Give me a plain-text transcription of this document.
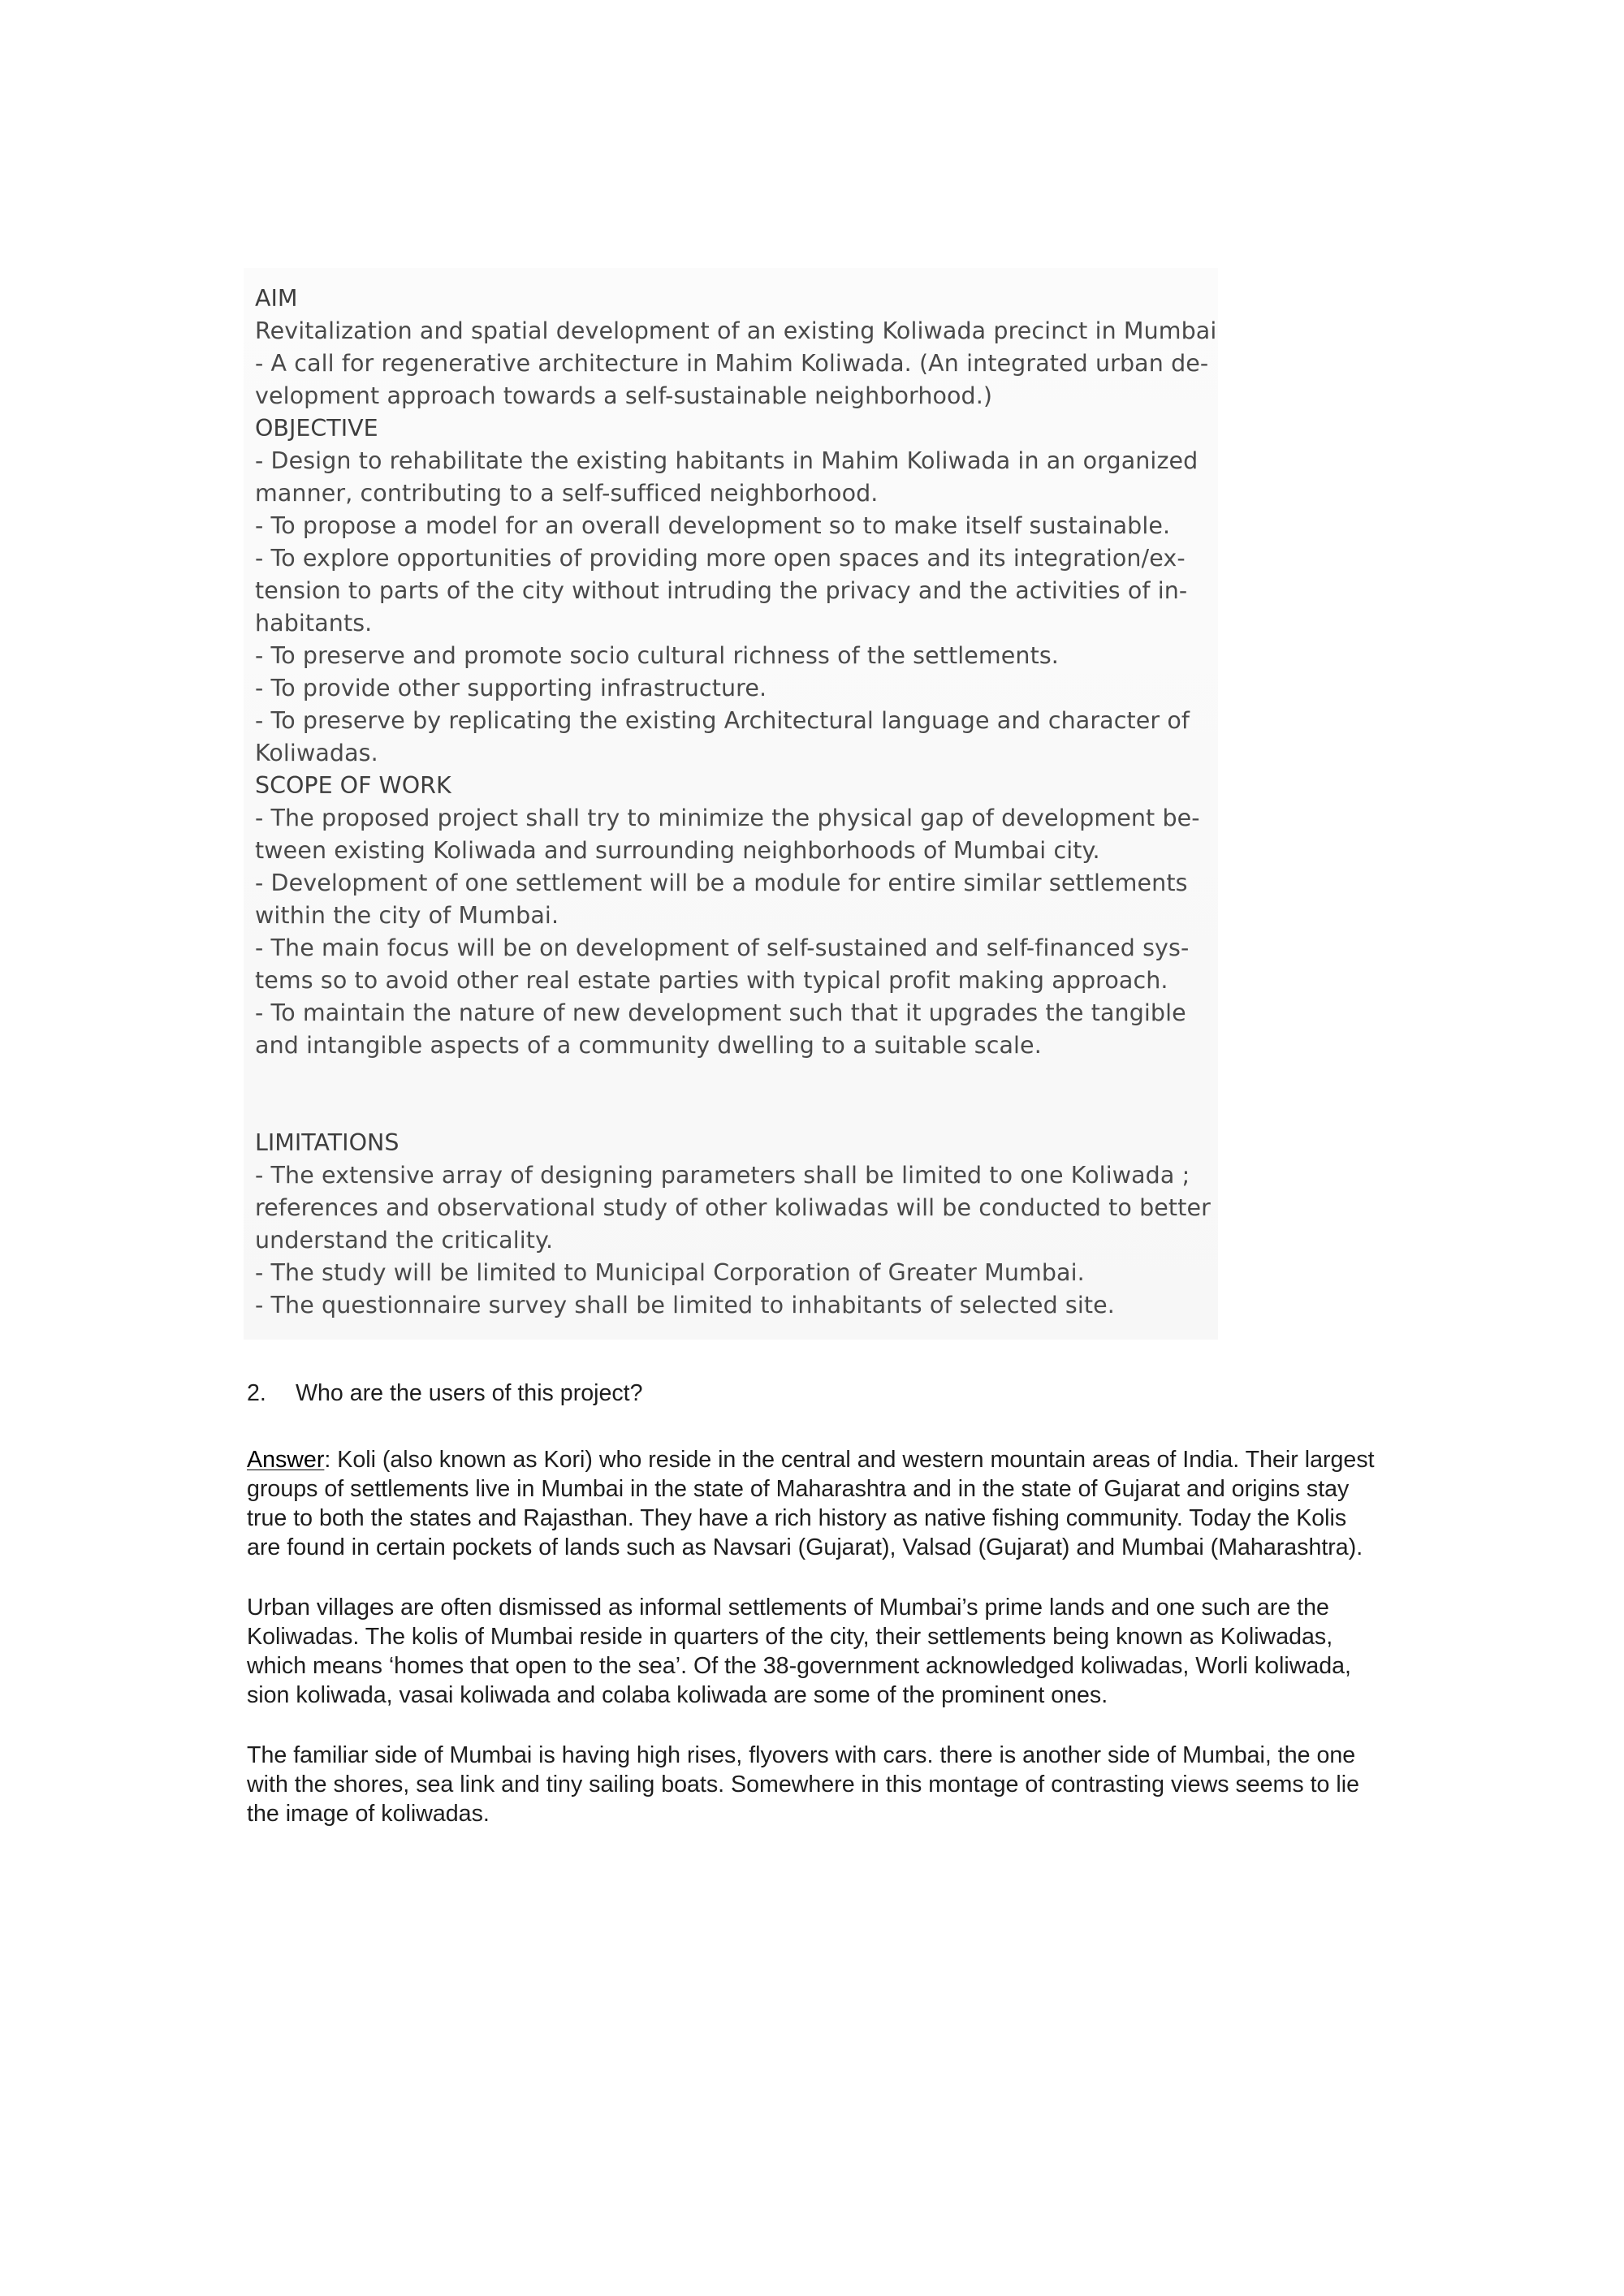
AIM
Revitalization and spatial development of an existing Koliwada precinct in Mumbai
- A call for regenerative architecture in Mahim Koliwada. (An integrated urban de-
velopment approach towards a self-sustainable neighborhood.)
OBJECTIVE
- Design to rehabilitate the existing habitants in Mahim Koliwada in an organized
manner, contributing to a self-sufficed neighborhood.
- To propose a model for an overall development so to make itself sustainable.
- To explore opportunities of providing more open spaces and its integration/ex-
tension to parts of the city without intruding the privacy and the activities of in-
habitants.
- To preserve and promote socio cultural richness of the settlements.
- To provide other supporting infrastructure.
- To preserve by replicating the existing Architectural language and character of
Koliwadas.
SCOPE OF WORK
- The proposed project shall try to minimize the physical gap of development be-
tween existing Koliwada and surrounding neighborhoods of Mumbai city.
- Development of one settlement will be a module for entire similar settlements
within the city of Mumbai.
- The main focus will be on development of self-sustained and self-financed sys-
tems so to avoid other real estate parties with typical profit making approach.
- To maintain the nature of new development such that it upgrades the tangible
and intangible aspects of a community dwelling to a suitable scale.
LIMITATIONS
- The extensive array of designing parameters shall be limited to one Koliwada ;
references and observational study of other koliwadas will be conducted to better
understand the criticality.
- The study will be limited to Municipal Corporation of Greater Mumbai.
- The questionnaire survey shall be limited to inhabitants of selected site.
2. Who are the users of this project?
Answer: Koli (also known as Kori) who reside in the central and western mountain areas of India. Their largest
groups of settlements live in Mumbai in the state of Maharashtra and in the state of Gujarat and origins stay
true to both the states and Rajasthan. They have a rich history as native fishing community. Today the Kolis
are found in certain pockets of lands such as Navsari (Gujarat), Valsad (Gujarat) and Mumbai (Maharashtra).
Urban villages are often dismissed as informal settlements of Mumbai’s prime lands and one such are the
Koliwadas. The kolis of Mumbai reside in quarters of the city, their settlements being known as Koliwadas,
which means ‘homes that open to the sea’. Of the 38-government acknowledged koliwadas, Worli koliwada,
sion koliwada, vasai koliwada and colaba koliwada are some of the prominent ones.
The familiar side of Mumbai is having high rises, flyovers with cars. there is another side of Mumbai, the one
with the shores, sea link and tiny sailing boats. Somewhere in this montage of contrasting views seems to lie
the image of koliwadas.
